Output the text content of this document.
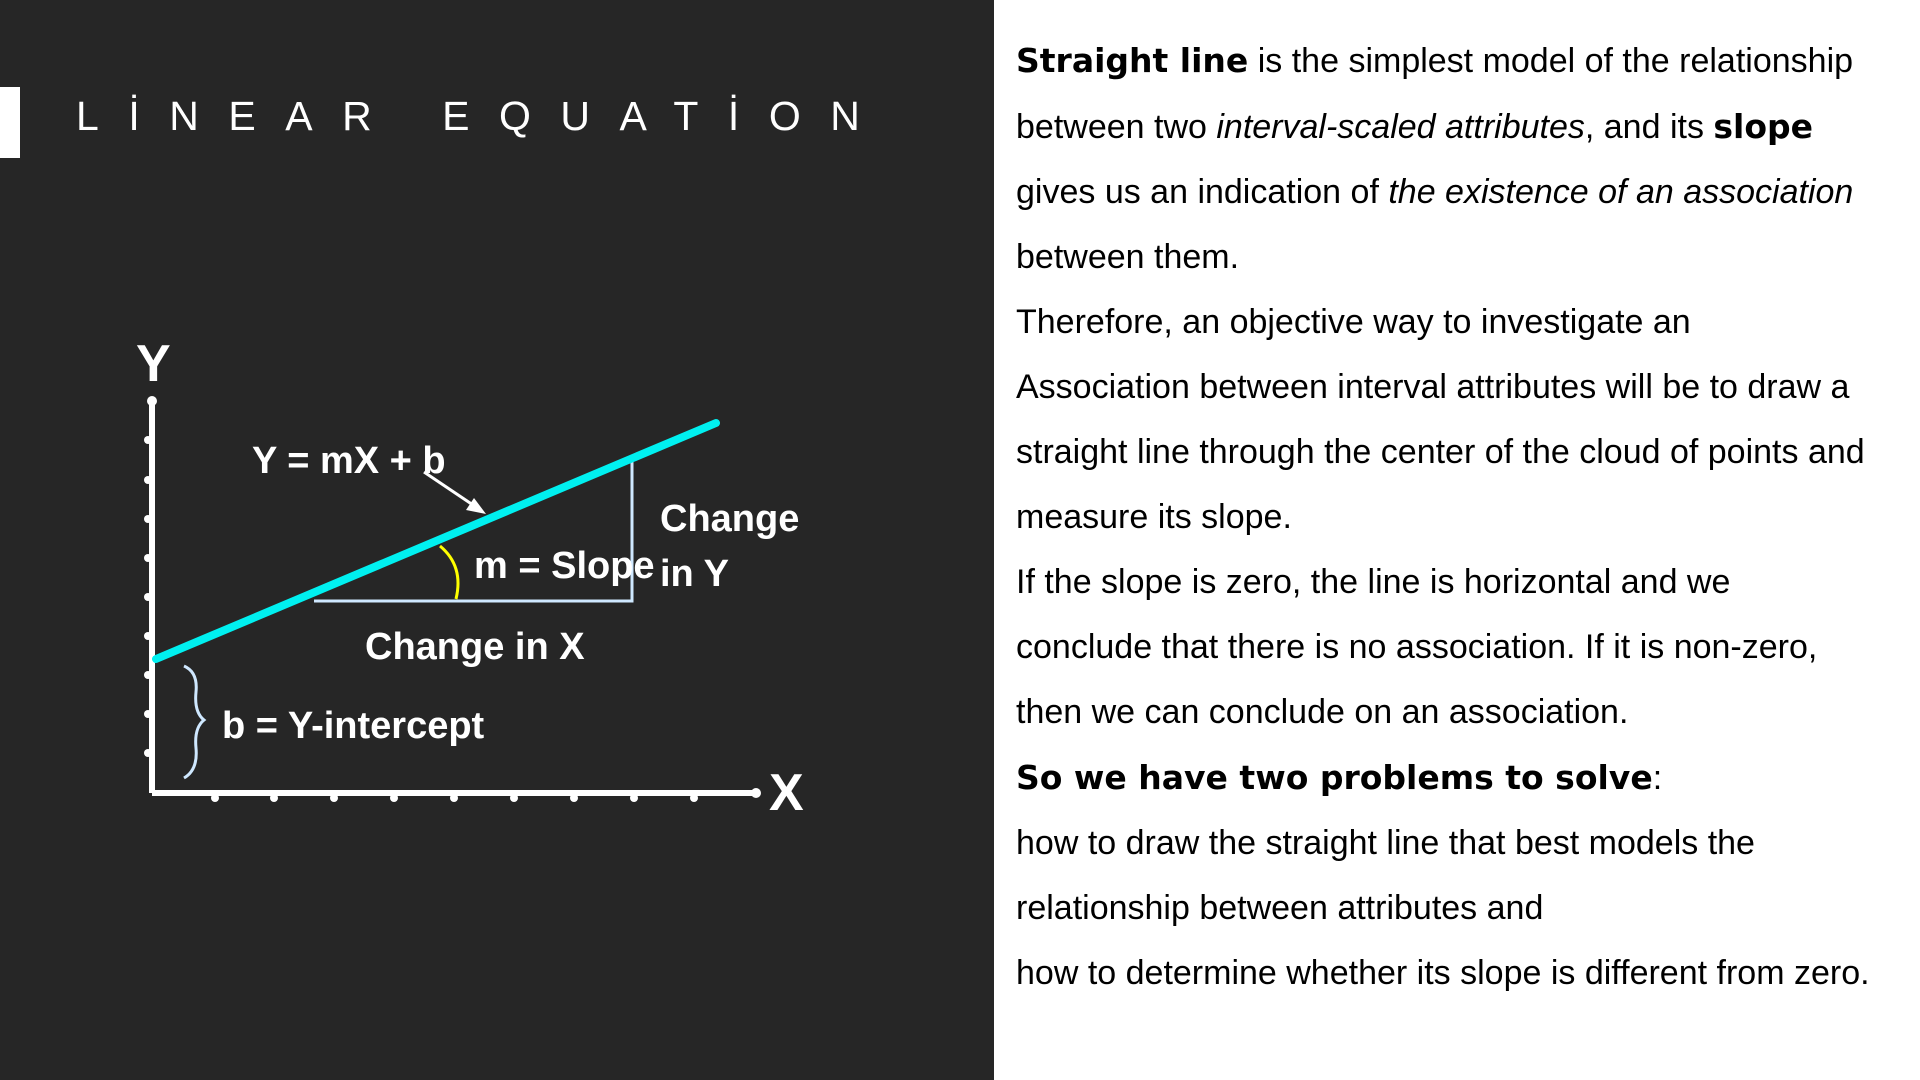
LİNEAR EQUATİON
Y
X
Y = mX + b
m = Slope
Change in X
Change
in Y
b = Y-intercept

Straight line is the simplest model of the relationship

between two interval-scaled attributes, and its slope

gives us an indication of the existence of an association

between them.

Therefore, an objective way to investigate an

Association between interval attributes will be to draw a

straight line through the center of the cloud of points and

measure its slope.

If the slope is zero, the line is horizontal and we

conclude that there is no association. If it is non-zero,

then we can conclude on an association.

So we have two problems to solve:

how to draw the straight line that best models the

relationship between attributes and

how to determine whether its slope is different from zero.
